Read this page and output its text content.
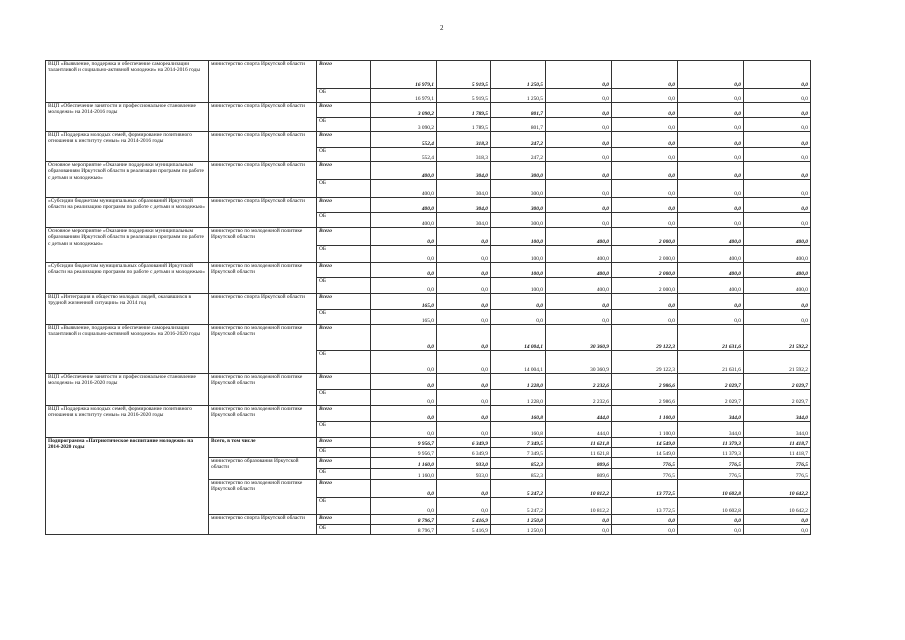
2
ВЦП «Выявление, поддержка и обеспечение самореализации талантливой и социально-активной молодежи» на 2014-2016 годы	министерство спорта Иркутской области	Всего	16 979,1	5 919,5	1 250,5	0,0	0,0	0,0	0,0
		ОБ	16 979,1	5 919,5	1 250,5	0,0	0,0	0,0	0,0
ВЦП «Обеспечение занятости и профессиональное становление молодежи» на 2014-2016 годы	министерство спорта Иркутской области	Всего	3 090,2	1 789,5	801,7	0,0	0,0	0,0	0,0
		ОБ	3 090,2	1 789,5	801,7	0,0	0,0	0,0	0,0
ВЦП «Поддержка молодых семей, формирование позитивного отношения к институту семьи» на 2014-2016 годы	министерство спорта Иркутской области	Всего	552,4	318,3	247,2	0,0	0,0	0,0	0,0
		ОБ	552,4	318,3	247,2	0,0	0,0	0,0	0,0
Основное мероприятие «Оказание поддержки муниципальным образованиям Иркутской области в реализации программ по работе с детьми и молодежью»	министерство спорта Иркутской области	Всего	400,0	304,0	300,0	0,0	0,0	0,0	0,0
		ОБ	400,0	304,0	300,0	0,0	0,0	0,0	0,0
«Субсидии бюджетам муниципальных образований Иркутской области на реализацию программ по работе с детьми и молодежью»	министерство спорта Иркутской области	Всего	400,0	304,0	300,0	0,0	0,0	0,0	0,0
		ОБ	400,0	304,0	300,0	0,0	0,0	0,0	0,0
Основное мероприятие «Оказание поддержки муниципальным образованиям Иркутской области в реализации программ по работе с детьми и молодежью»	министерство по молодежной политике Иркутской области	Всего	0,0	0,0	100,0	400,0	2 000,0	400,0	400,0
		ОБ	0,0	0,0	100,0	400,0	2 000,0	400,0	400,0
«Субсидии бюджетам муниципальных образований Иркутской области на реализацию программ по работе с детьми и молодежью»	министерство по молодежной политике Иркутской области	Всего	0,0	0,0	100,0	400,0	2 000,0	400,0	400,0
		ОБ	0,0	0,0	100,0	400,0	2 000,0	400,0	400,0
ВЦП «Интеграция в общество молодых людей, оказавшихся в трудной жизненной ситуации» на 2014 год	министерство спорта Иркутской области	Всего	165,0	0,0	0,0	0,0	0,0	0,0	0,0
		ОБ	165,0	0,0	0,0	0,0	0,0	0,0	0,0
ВЦП «Выявление, поддержка и обеспечение самореализации талантливой и социально-активной молодежи» на 2016-2020 годы	министерство по молодежной политике Иркутской области	Всего	0,0	0,0	14 004,1	30 360,9	29 122,3	21 631,6	21 592,2
		ОБ	0,0	0,0	14 004,1	30 360,9	29 122,3	21 631,6	21 592,2
ВЦП «Обеспечение занятости и профессиональное становление молодежи» на 2016-2020 годы	министерство по молодежной политике Иркутской области	Всего	0,0	0,0	1 228,0	2 232,6	2 986,6	2 029,7	2 029,7
		ОБ	0,0	0,0	1 228,0	2 232,6	2 986,6	2 029,7	2 029,7
ВЦП «Поддержка молодых семей, формирование позитивного отношения к институту семьи» на 2016-2020 годы	министерство по молодежной политике Иркутской области	Всего	0,0	0,0	160,8	444,0	1 100,0	344,0	344,0
		ОБ	0,0	0,0	160,8	444,0	1 100,0	344,0	344,0
Подпрограмма «Патриотическое воспитание молодежи» на 2014-2020 годы	Всего, в том числе	Всего	9 956,7	6 349,9	7 349,5	11 621,8	14 549,0	11 379,3	11 418,7
		ОБ	9 956,7	6 349,9	7 349,5	11 621,8	14 549,0	11 379,3	11 418,7
	министерство образования Иркутской области	Всего	1 160,0	933,0	852,3	809,6	776,5	776,5	776,5
		ОБ	1 160,0	933,0	852,3	809,6	776,5	776,5	776,5
	министерство по молодежной политике Иркутской области	Всего	0,0	0,0	5 247,2	10 812,2	13 772,5	10 602,8	10 642,2
		ОБ	0,0	0,0	5 247,2	10 812,2	13 772,5	10 602,8	10 642,2
	министерство спорта Иркутской области	Всего	8 796,7	5 416,9	1 250,0	0,0	0,0	0,0	0,0
		ОБ	8 796,7	5 416,9	1 250,0	0,0	0,0	0,0	0,0
